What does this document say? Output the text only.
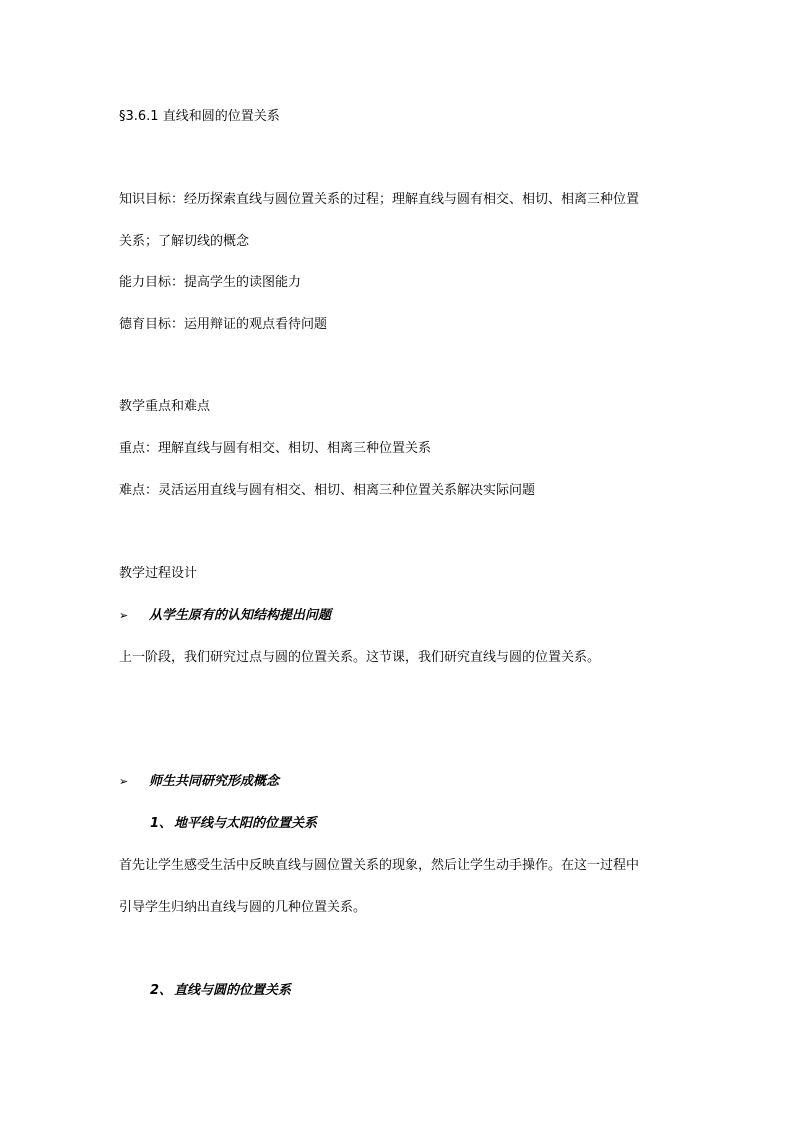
§3.6.1 直线和圆的位置关系
知识目标：经历探索直线与圆位置关系的过程；理解直线与圆有相交、相切、相离三种位置
关系；了解切线的概念
能力目标：提高学生的读图能力
德育目标：运用辩证的观点看待问题
教学重点和难点
重点：理解直线与圆有相交、相切、相离三种位置关系
难点：灵活运用直线与圆有相交、相切、相离三种位置关系解决实际问题
教学过程设计
➢ 从学生原有的认知结构提出问题
上一阶段，我们研究过点与圆的位置关系。这节课，我们研究直线与圆的位置关系。
➢ 师生共同研究形成概念
1、 地平线与太阳的位置关系
首先让学生感受生活中反映直线与圆位置关系的现象，然后让学生动手操作。在这一过程中
引导学生归纳出直线与圆的几种位置关系。
2、 直线与圆的位置关系
